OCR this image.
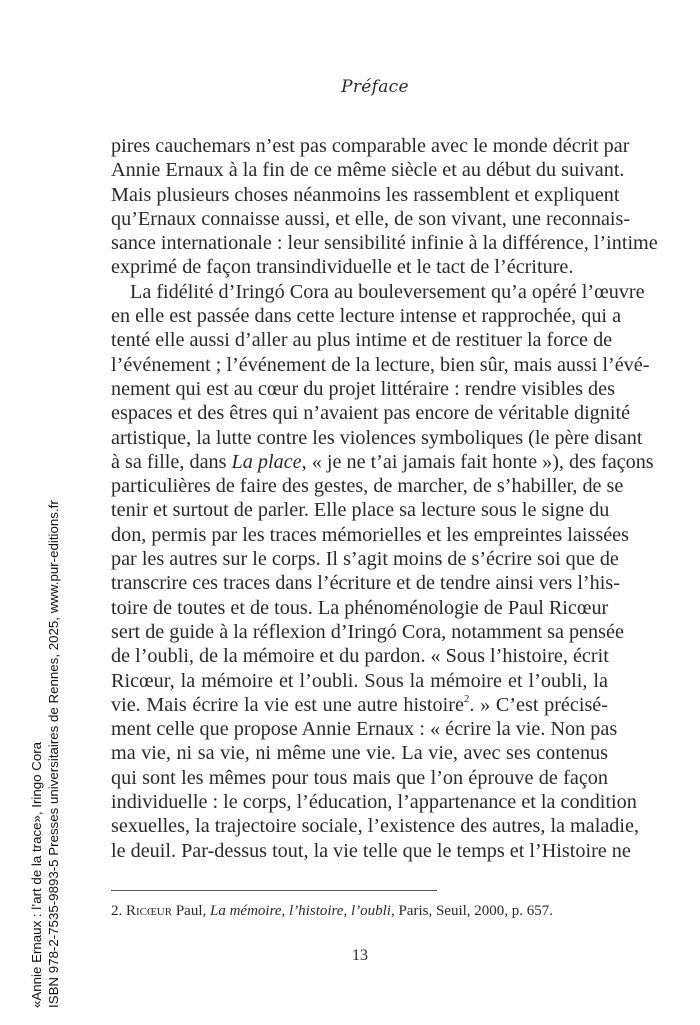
Préface

pires cauchemars n’est pas comparable avec le monde décrit par
Annie Ernaux à la fin de ce même siècle et au début du suivant.
Mais plusieurs choses néanmoins les rassemblent et expliquent
qu’Ernaux connaisse aussi, et elle, de son vivant, une reconnais-
sance internationale : leur sensibilité infinie à la différence, l’intime
exprimé de façon transindividuelle et le tact de l’écriture.

La fidélité d’Iringó Cora au bouleversement qu’a opéré l’œuvre
en elle est passée dans cette lecture intense et rapprochée, qui a
tenté elle aussi d’aller au plus intime et de restituer la force de
l’événement ; l’événement de la lecture, bien sûr, mais aussi l’évé-
nement qui est au cœur du projet littéraire : rendre visibles des
espaces et des êtres qui n’avaient pas encore de véritable dignité
artistique, la lutte contre les violences symboliques (le père disant
à sa fille, dans La place, « je ne t’ai jamais fait honte »), des façons
particulières de faire des gestes, de marcher, de s’habiller, de se
tenir et surtout de parler. Elle place sa lecture sous le signe du
don, permis par les traces mémorielles et les empreintes laissées
par les autres sur le corps. Il s’agit moins de s’écrire soi que de
transcrire ces traces dans l’écriture et de tendre ainsi vers l’his-
toire de toutes et de tous. La phénoménologie de Paul Ricœur
sert de guide à la réflexion d’Iringó Cora, notamment sa pensée
de l’oubli, de la mémoire et du pardon. « Sous l’histoire, écrit
Ricœur, la mémoire et l’oubli. Sous la mémoire et l’oubli, la
vie. Mais écrire la vie est une autre histoire$^2$. » C’est précisé-
ment celle que propose Annie Ernaux : « écrire la vie. Non pas
ma vie, ni sa vie, ni même une vie. La vie, avec ses contenus
qui sont les mêmes pour tous mais que l’on éprouve de façon
individuelle : le corps, l’éducation, l’appartenance et la condition
sexuelles, la trajectoire sociale, l’existence des autres, la maladie,
le deuil. Par-dessus tout, la vie telle que le temps et l’Histoire ne

2. Ricœur Paul, La mémoire, l’histoire, l’oubli, Paris, Seuil, 2000, p. 657.
13
«Annie Ernaux : l’art de la trace», Iringo Cora ISBN 978-2-7535-9893-5 Presses universitaires de Rennes, 2025, www.pur-editions.fr
